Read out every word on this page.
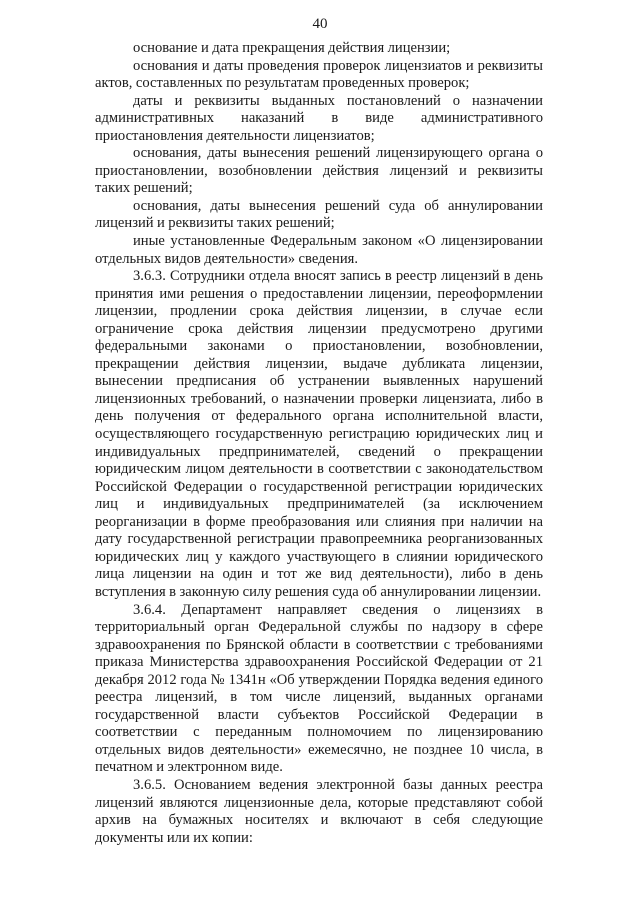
40

основание и дата прекращения действия лицензии;

основания и даты проведения проверок лицензиатов и реквизиты актов, составленных по результатам проведенных проверок;

даты и реквизиты выданных постановлений о назначении административных наказаний в виде административного приостановления деятельности лицензиатов;

основания, даты вынесения решений лицензирующего органа о приостановлении, возобновлении действия лицензий и реквизиты таких решений;

основания, даты вынесения решений суда об аннулировании лицензий и реквизиты таких решений;

иные установленные Федеральным законом «О лицензировании отдельных видов деятельности» сведения.

3.6.3. Сотрудники отдела вносят запись в реестр лицензий в день принятия ими решения о предоставлении лицензии, переоформлении лицензии, продлении срока действия лицензии, в случае если ограничение срока действия лицензии предусмотрено другими федеральными законами о приостановлении, возобновлении, прекращении действия лицензии, выдаче дубликата лицензии, вынесении предписания об устранении выявленных нарушений лицензионных требований, о назначении проверки лицензиата, либо в день получения от федерального органа исполнительной власти, осуществляющего государственную регистрацию юридических лиц и индивидуальных предпринимателей, сведений о прекращении юридическим лицом деятельности в соответствии с законодательством Российской Федерации о государственной регистрации юридических лиц и индивидуальных предпринимателей (за исключением реорганизации в форме преобразования или слияния при наличии на дату государственной регистрации правопреемника реорганизованных юридических лиц у каждого участвующего в слиянии юридического лица лицензии на один и тот же вид деятельности), либо в день вступления в законную силу решения суда об аннулировании лицензии.

3.6.4. Департамент направляет сведения о лицензиях в территориальный орган Федеральной службы по надзору в сфере здравоохранения по Брянской области в соответствии с требованиями приказа Министерства здравоохранения Российской Федерации от 21 декабря 2012 года № 1341н «Об утверждении Порядка ведения единого реестра лицензий, в том числе лицензий, выданных органами государственной власти субъектов Российской Федерации в соответствии с переданным полномочием по лицензированию отдельных видов деятельности» ежемесячно, не позднее 10 числа, в печатном и электронном виде.

3.6.5. Основанием ведения электронной базы данных реестра лицензий являются лицензионные дела, которые представляют собой архив на бумажных носителях и включают в себя следующие документы или их копии:
